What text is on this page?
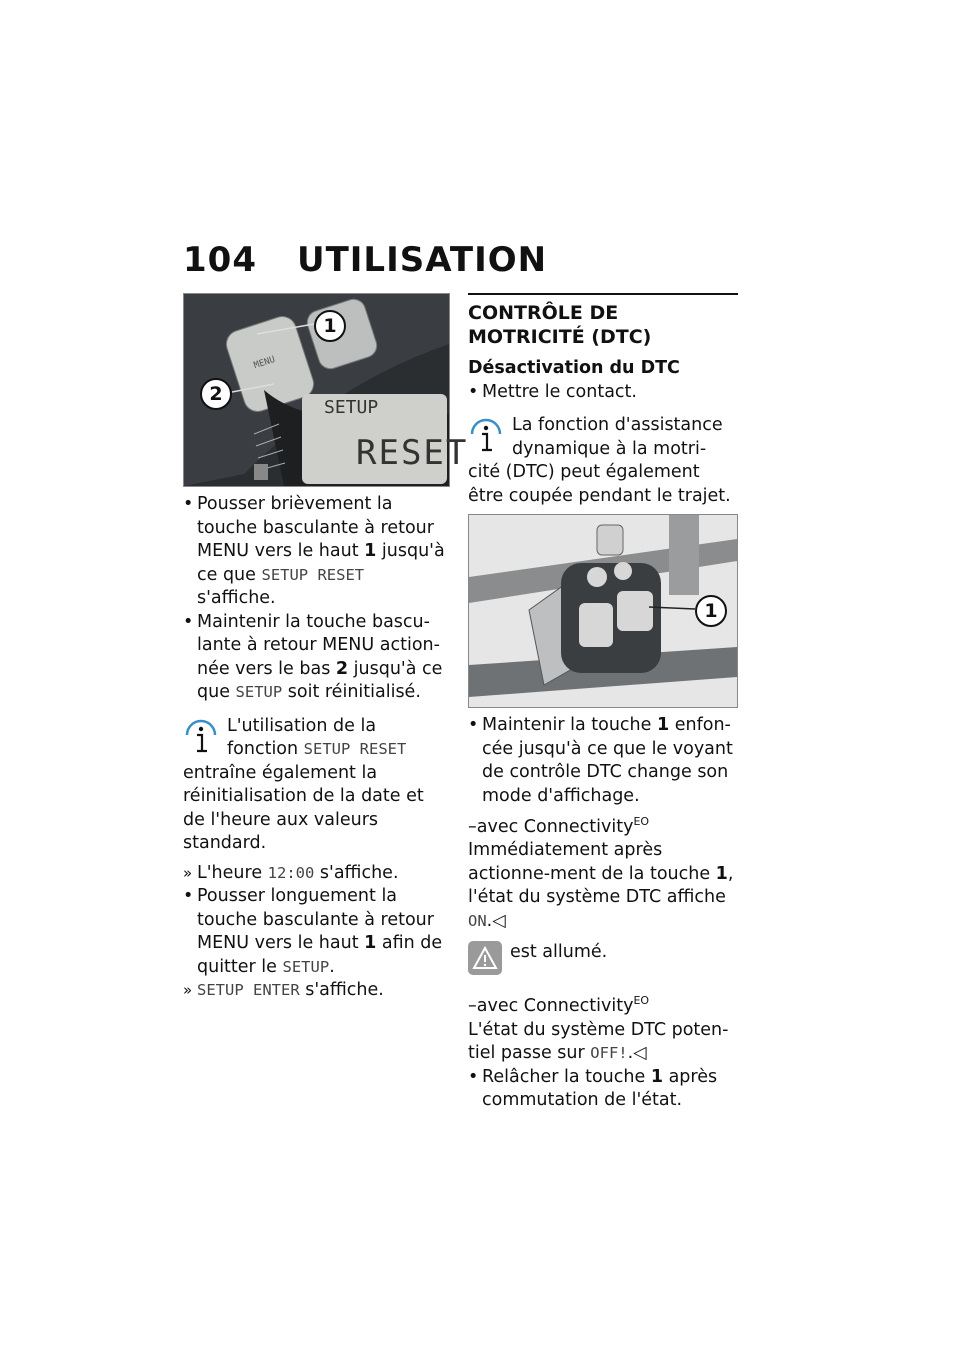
104 UTILISATION
SETUP
RESET
MENU
1
2
• Pousser brièvement la touche basculante à retour MENU vers le haut 1 jusqu'à ce que SETUP RESET s'affiche.
• Maintenir la touche bascu-lante à retour MENU action-née vers le bas 2 jusqu'à ce que SETUP soit réinitialisé.
L'utilisation de la fonction SETUP RESET entraîne également la réinitialisation de la date et de l'heure aux valeurs standard.
» L'heure 12:00 s'affiche.
• Pousser longuement la touche basculante à retour MENU vers le haut 1 afin de quitter le SETUP.
» SETUP ENTER s'affiche.
CONTRÔLE DE MOTRICITÉ (DTC)
Désactivation du DTC
• Mettre le contact.
La fonction d'assistance dynamique à la motri-cité (DTC) peut également être coupée pendant le trajet.
1
• Maintenir la touche 1 enfon-cée jusqu'à ce que le voyant de contrôle DTC change son mode d'affichage.
–avec Connectivity$^{EO}$
Immédiatement après actionne-ment de la touche 1, l'état du système DTC affiche ON.◁
est allumé.
–avec Connectivity$^{EO}$
L'état du système DTC poten-tiel passe sur OFF!.◁
• Relâcher la touche 1 après commutation de l'état.
